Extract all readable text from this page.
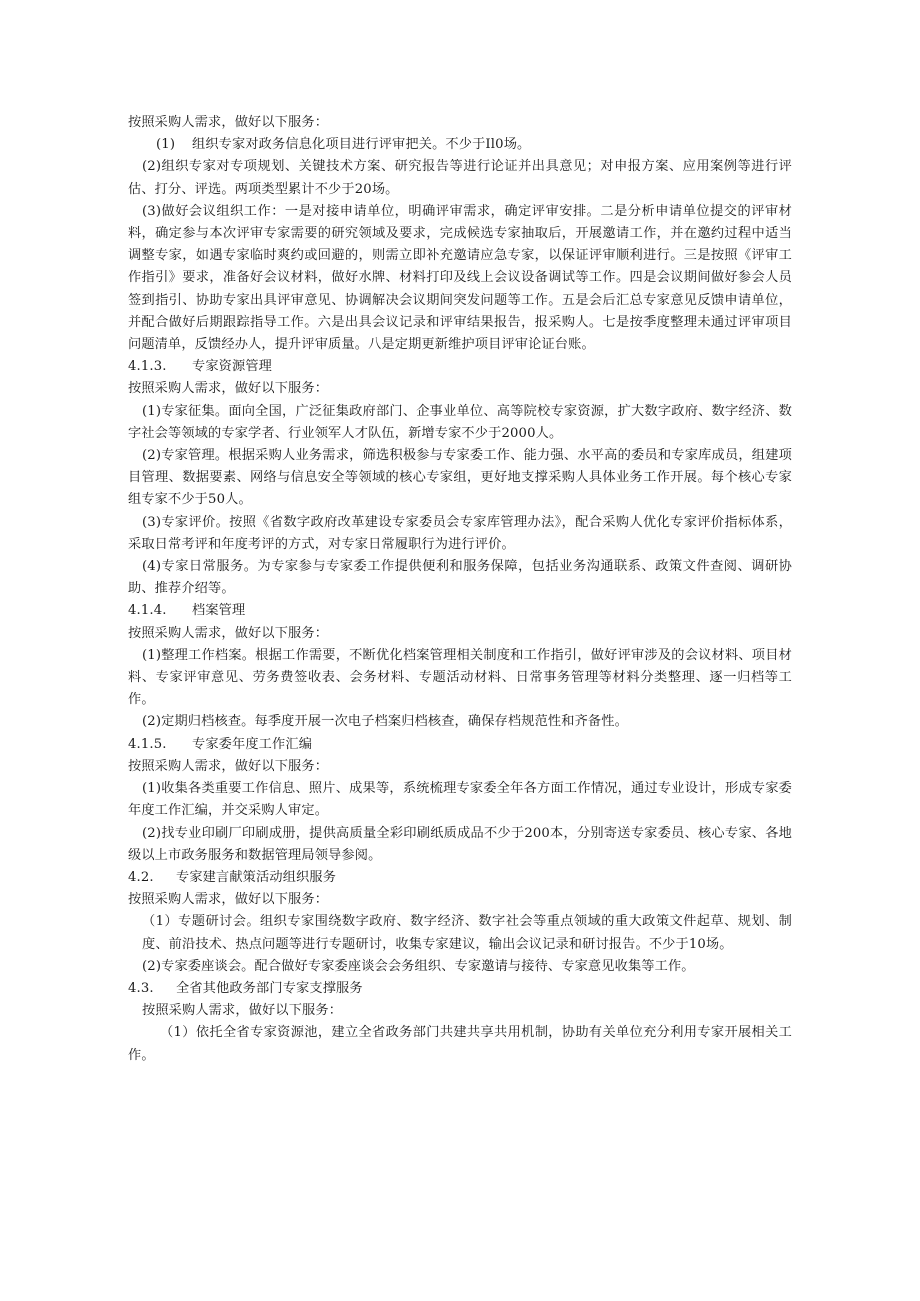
按照采购人需求，做好以下服务：

(1) 组织专家对政务信息化项目进行评审把关。不少于Il0场。

(2)组织专家对专项规划、关键技术方案、研究报告等进行论证并出具意见；对申报方案、应用案例等进行评估、打分、评选。两项类型累计不少于20场。

(3)做好会议组织工作：一是对接申请单位，明确评审需求，确定评审安排。二是分析申请单位提交的评审材料，确定参与本次评审专家需要的研究领域及要求，完成候选专家抽取后，开展邀请工作，并在邀约过程中适当调整专家，如遇专家临时爽约或回避的，则需立即补充邀请应急专家，以保证评审顺利进行。三是按照《评审工作指引》要求，准备好会议材料，做好水牌、材料打印及线上会议设备调试等工作。四是会议期间做好参会人员签到指引、协助专家出具评审意见、协调解决会议期间突发问题等工作。五是会后汇总专家意见反馈申请单位，并配合做好后期跟踪指导工作。六是出具会议记录和评审结果报告，报采购人。七是按季度整理未通过评审项目问题清单，反馈经办人，提升评审质量。八是定期更新维护项目评审论证台账。

4.1.3. 专家资源管理

按照采购人需求，做好以下服务：

(1)专家征集。面向全国，广泛征集政府部门、企事业单位、高等院校专家资源，扩大数字政府、数字经济、数字社会等领域的专家学者、行业领军人才队伍，新增专家不少于2000人。

(2)专家管理。根据采购人业务需求，筛选积极参与专家委工作、能力强、水平高的委员和专家库成员，组建项目管理、数据要素、网络与信息安全等领域的核心专家组，更好地支撑采购人具体业务工作开展。每个核心专家组专家不少于50人。

(3)专家评价。按照《省数字政府改革建设专家委员会专家库管理办法》，配合采购人优化专家评价指标体系，采取日常考评和年度考评的方式，对专家日常履职行为进行评价。

(4)专家日常服务。为专家参与专家委工作提供便利和服务保障，包括业务沟通联系、政策文件查阅、调研协助、推荐介绍等。

4.1.4. 档案管理

按照采购人需求，做好以下服务：

(1)整理工作档案。根据工作需要，不断优化档案管理相关制度和工作指引，做好评审涉及的会议材料、项目材料、专家评审意见、劳务费签收表、会务材料、专题活动材料、日常事务管理等材料分类整理、逐一归档等工作。

(2)定期归档核查。每季度开展一次电子档案归档核查，确保存档规范性和齐备性。

4.1.5. 专家委年度工作汇编

按照采购人需求，做好以下服务：

(1)收集各类重要工作信息、照片、成果等，系统梳理专家委全年各方面工作情况，通过专业设计，形成专家委年度工作汇编，并交采购人审定。

(2)找专业印刷厂印刷成册，提供高质量全彩印刷纸质成品不少于200本，分别寄送专家委员、核心专家、各地级以上市政务服务和数据管理局领导参阅。

4.2. 专家建言献策活动组织服务

按照采购人需求，做好以下服务：

（1）专题研讨会。组织专家围绕数字政府、数字经济、数字社会等重点领域的重大政策文件起草、规划、制度、前沿技术、热点问题等进行专题研讨，收集专家建议，输出会议记录和研讨报告。不少于10场。

(2)专家委座谈会。配合做好专家委座谈会会务组织、专家邀请与接待、专家意见收集等工作。

4.3. 全省其他政务部门专家支撑服务

按照采购人需求，做好以下服务：

（1）依托全省专家资源池，建立全省政务部门共建共享共用机制，协助有关单位充分利用专家开展相关工作。
